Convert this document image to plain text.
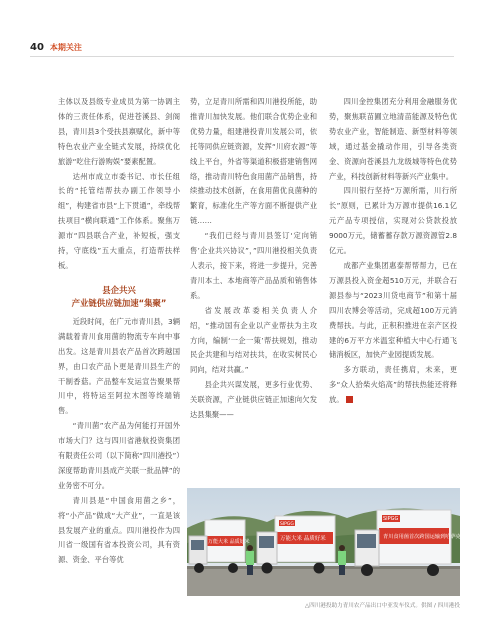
40 本期关注

主体以及县级专业成员为第一协调主体的三责任体系，促进苍溪县、剑阁县，青川县3个受扶县禀赋化，新中等特色农业产业全链式发展，持续优化旅游“吃住行游购娱”要素配置。

达州市成立市委书记、市长任组长的“托管结帮扶办副工作领导小组”，构建省市县“上下贯通”，牵线帮扶项目“横向联通”工作体系。聚焦万源市“四县联合产业，补短板，强支持，守底线”五大重点，打造帮扶样板。

县企共兴
产业链供应链加速“集聚”

近段时间，在广元市青川县，3辆满载着青川食用菌的物流专车向中事出发。这是青川县农产品首次跨越国界，由口农产品卜更是青川县生产的干制香菇。产品整车发运宣告聚果帮川中，将特运至阿拉木图等终端销售。

“青川菌”农产品为何能打开国外市场大门？这与四川省港航投资集团有限责任公司（以下简称“四川港投”）深度帮助青川县成产关联一批品牌”的业务密不可分。

青川县是“中国食用菌之乡”，将“小产品”做成“大产业”，一直是该县发展产业的重点。四川港投作为四川省一级国有省本投资公司，具有资源、资金、平台等优

势，立足青川所需和四川港投所能，助推青川加快发展。他们联合优势企业和优势力量，组建港投青川发展公司，依托等同供应链资源，发挥“川府农源”等线上平台，外省等渠道积极搭建销售网络，推动青川特色食用菌产品销售，持续推动技术创新，在食用菌优良菌种的繁育，标准化生产等方面不断提供产业链……

“我们已经与青川县签订‘定向销售’企业共兴协议”，”四川港投相关负责人表示，接下来，将进一步提升，完善青川本土、本地商等产品品质和销售体系。

省发展改革委相关负责人介绍，“推动国有企业以产业帮扶为主攻方向，编制‘一企一策’帮扶规划，推动民企共建和与结对扶共，在收实树民心同向，结对共赢。”

县企共兴谋发展，更多行业优势、关联资源，产业链供应链正加速向欠发达县集聚——

四川金控集团充分利用金融服务优势，聚焦联苗圃立地清苗能源及特色优势农业产业，智能制造、新型材料等领域，通过基金撬动作用，引导各类资金、资源向苍溪县九龙级城等特色优势产业，科技创新材料等新兴产业集中。

四川银行坚持“万源所需，川行所长”原则，已累计为万源市提供16.1亿元产品专项授信，实现对公贷款投放9000万元，储蓄蓄存款万源资源管2.8亿元。

成都产业集团惠泰帮帮帮力，已在万源县投入资金超510万元，并联合石源县参与“2023川货电商节”和第十届四川农博会等活动，完成超100万元消费帮扶。与此，正积积推进在亲产区投建的6万平方米温室种植大中心行通飞储消板区，加快产业园提质发展。

多方联动，责任携肩，未来，更多“众人拾柴火焰高”的帮扶热能还将释放。

万能大米 品质好米
SIPGG
万能大米 品质好米
SIPGG
青川食用菌首次跨国运输到哈萨克斯坦
△四川港投助力青川农产品出口中亚发车仪式。供图 / 四川港投
